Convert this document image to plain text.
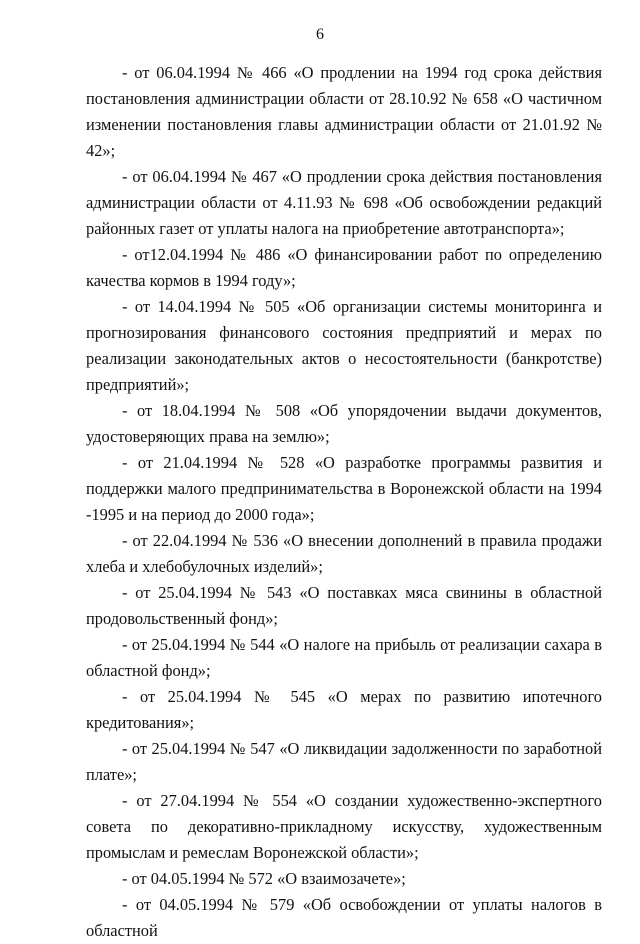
6

- от 06.04.1994 № 466 «О продлении на 1994 год срока действия постановления администрации области от 28.10.92 № 658 «О частичном изменении постановления главы администрации области от 21.01.92 № 42»;

- от 06.04.1994 № 467 «О продлении срока действия постановления администрации области от 4.11.93 № 698 «Об освобождении редакций районных газет от уплаты налога на приобретение автотранспорта»;

- от12.04.1994 № 486 «О финансировании работ по определению качества кормов в 1994 году»;

- от 14.04.1994 № 505 «Об организации системы мониторинга и прогнозирования финансового состояния предприятий и мерах по реализации законодательных актов о несостоятельности (банкротстве) предприятий»;

- от 18.04.1994 № 508 «Об упорядочении выдачи документов, удостоверяющих права на землю»;

- от 21.04.1994 № 528 «О разработке программы развития и поддержки малого предпринимательства в Воронежской области на 1994 -1995 и на период до 2000 года»;

- от 22.04.1994 № 536 «О внесении дополнений в правила продажи хлеба и хлебобулочных изделий»;

- от 25.04.1994 № 543 «О поставках мяса свинины в областной продовольственный фонд»;

- от 25.04.1994 № 544 «О налоге на прибыль от реализации сахара в областной фонд»;

- от 25.04.1994 № 545 «О мерах по развитию ипотечного кредитования»;

- от 25.04.1994 № 547 «О ликвидации задолженности по заработной плате»;

- от 27.04.1994 № 554 «О создании художественно-экспертного совета по декоративно-прикладному искусству, художественным промыслам и ремеслам Воронежской области»;

- от 04.05.1994 № 572 «О взаимозачете»;

- от 04.05.1994 № 579 «Об освобождении от уплаты налогов в областной
